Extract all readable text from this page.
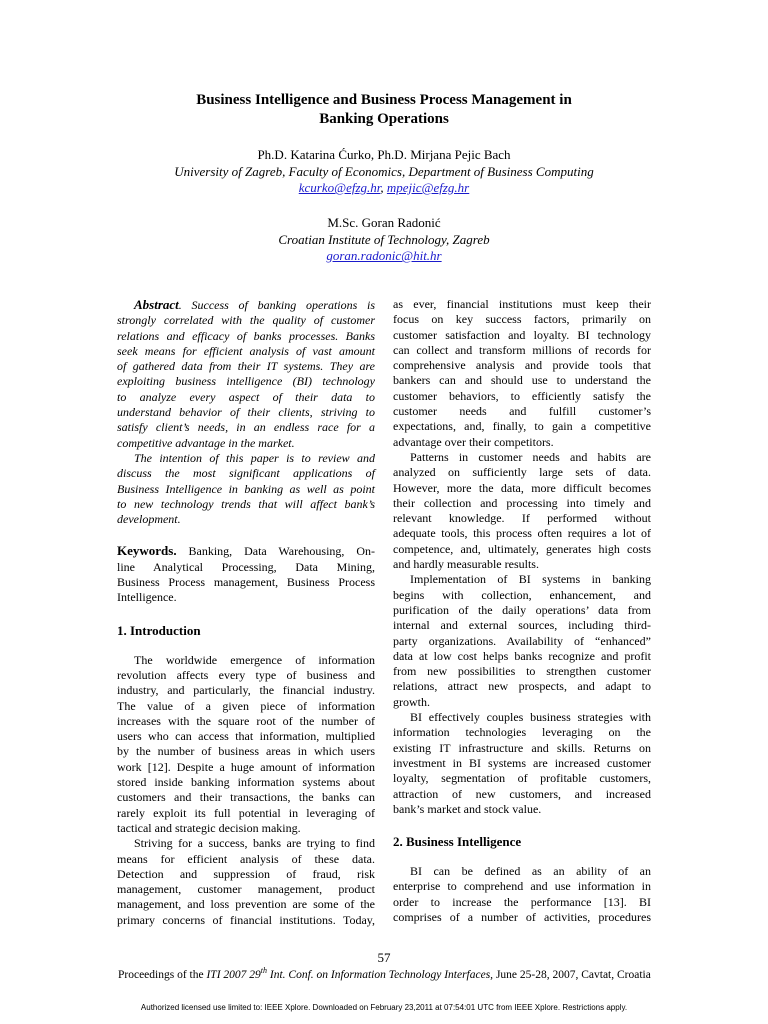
Business Intelligence and Business Process Management in
Banking Operations
Ph.D. Katarina Ćurko, Ph.D. Mirjana Pejic Bach
University of Zagreb, Faculty of Economics, Department of Business Computing
kcurko@efzg.hr, mpejic@efzg.hr
M.Sc. Goran Radonić
Croatian Institute of Technology, Zagreb
goran.radonic@hit.hr
Abstract. Success of banking operations is
strongly correlated with the quality of customer
relations and efficacy of banks processes. Banks
seek means for efficient analysis of vast amount
of gathered data from their IT systems. They are
exploiting business intelligence (BI) technology
to analyze every aspect of their data to
understand behavior of their clients, striving to
satisfy client’s needs, in an endless race for a
competitive advantage in the market.
The intention of this paper is to review and
discuss the most significant applications of
Business Intelligence in banking as well as point
to new technology trends that will affect bank’s
development.
Keywords. Banking, Data Warehousing, On-
line Analytical Processing, Data Mining,
Business Process management, Business Process
Intelligence.
1. Introduction
The worldwide emergence of information
revolution affects every type of business and
industry, and particularly, the financial industry.
The value of a given piece of information
increases with the square root of the number of
users who can access that information, multiplied
by the number of business areas in which users
work [12]. Despite a huge amount of information
stored inside banking information systems about
customers and their transactions, the banks can
rarely exploit its full potential in leveraging of
tactical and strategic decision making.
Striving for a success, banks are trying to find
means for efficient analysis of these data.
Detection and suppression of fraud, risk
management, customer management, product
management, and loss prevention are some of the
primary concerns of financial institutions. Today,
as ever, financial institutions must keep their
focus on key success factors, primarily on
customer satisfaction and loyalty. BI technology
can collect and transform millions of records for
comprehensive analysis and provide tools that
bankers can and should use to understand the
customer behaviors, to efficiently satisfy the
customer needs and fulfill customer’s
expectations, and, finally, to gain a competitive
advantage over their competitors.
Patterns in customer needs and habits are
analyzed on sufficiently large sets of data.
However, more the data, more difficult becomes
their collection and processing into timely and
relevant knowledge. If performed without
adequate tools, this process often requires a lot of
competence, and, ultimately, generates high costs
and hardly measurable results.
Implementation of BI systems in banking
begins with collection, enhancement, and
purification of the daily operations’ data from
internal and external sources, including third-
party organizations. Availability of “enhanced”
data at low cost helps banks recognize and profit
from new possibilities to strengthen customer
relations, attract new prospects, and adapt to
growth.
BI effectively couples business strategies with
information technologies leveraging on the
existing IT infrastructure and skills. Returns on
investment in BI systems are increased customer
loyalty, segmentation of profitable customers,
attraction of new customers, and increased
bank’s market and stock value.
2. Business Intelligence
BI can be defined as an ability of an
enterprise to comprehend and use information in
order to increase the performance [13]. BI
comprises of a number of activities, procedures
57
Proceedings of the ITI 2007 29th Int. Conf. on Information Technology Interfaces, June 25-28, 2007, Cavtat, Croatia
Authorized licensed use limited to: IEEE Xplore. Downloaded on February 23,2011 at 07:54:01 UTC from IEEE Xplore. Restrictions apply.
